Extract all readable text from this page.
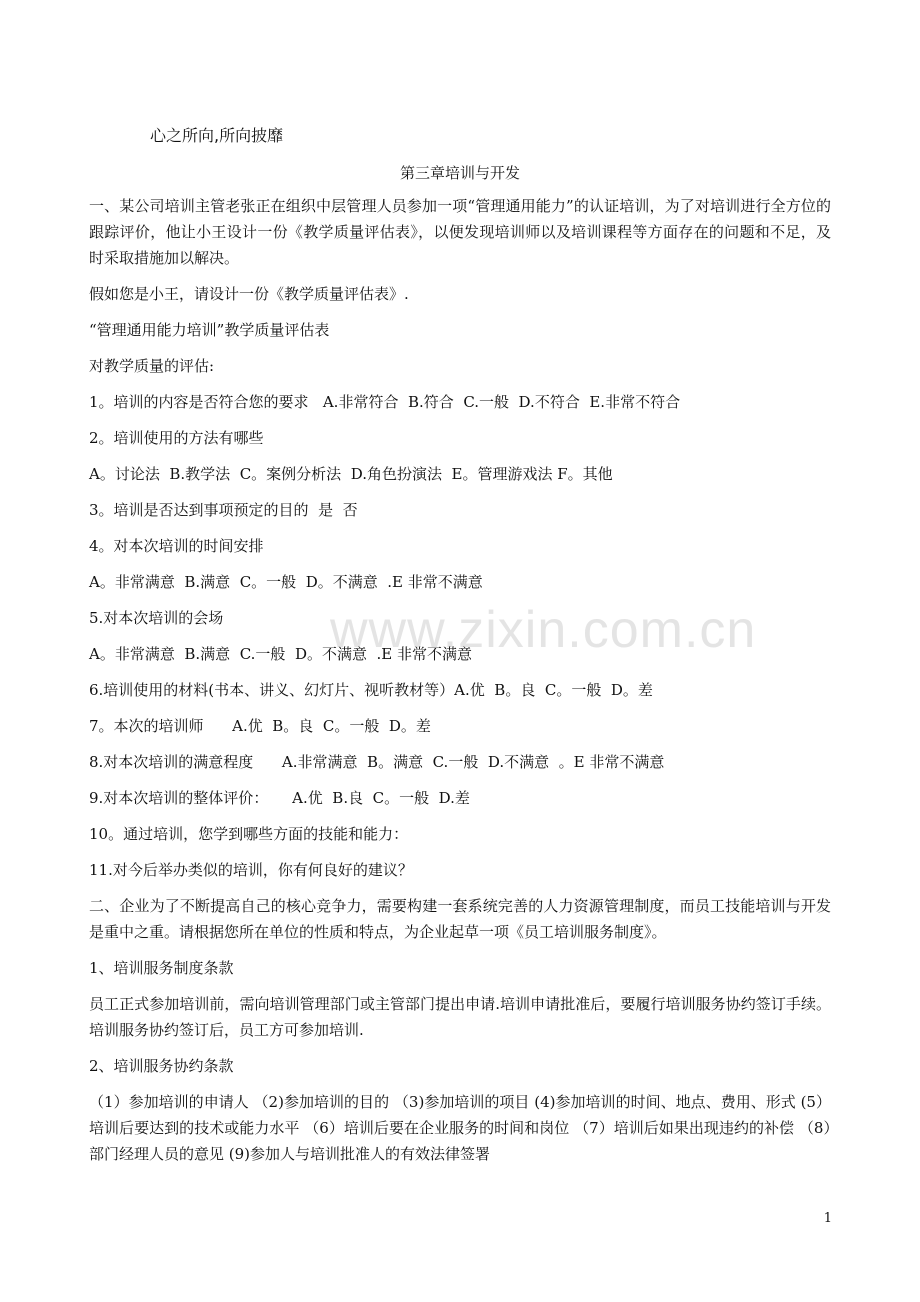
www.zixin.com.cn
心之所向,所向披靡
第三章培训与开发

一、某公司培训主管老张正在组织中层管理人员参加一项“管理通用能力”的认证培训，为了对培训进行全方位的跟踪评价，他让小王设计一份《教学质量评估表》，以便发现培训师以及培训课程等方面存在的问题和不足，及时采取措施加以解决。

假如您是小王，请设计一份《教学质量评估表》.

“管理通用能力培训”教学质量评估表

对教学质量的评估:

1。培训的内容是否符合您的要求   A.非常符合  B.符合  C.一般  D.不符合  E.非常不符合

2。培训使用的方法有哪些

A。讨论法  B.教学法  C。案例分析法  D.角色扮演法  E。管理游戏法 F。其他

3。培训是否达到事项预定的目的  是  否

4。对本次培训的时间安排

A。非常满意  B.满意  C。一般  D。不满意  .E 非常不满意

5.对本次培训的会场

A。非常满意  B.满意  C.一般  D。不满意  .E 非常不满意

6.培训使用的材料(书本、讲义、幻灯片、视听教材等）A.优  B。良  C。一般  D。差

7。本次的培训师      A.优  B。良  C。一般  D。差

8.对本次培训的满意程度      A.非常满意  B。满意  C.一般  D.不满意  。E 非常不满意

9.对本次培训的整体评价：     A.优  B.良  C。一般  D.差

10。通过培训，您学到哪些方面的技能和能力：

11.对今后举办类似的培训，你有何良好的建议？

二、企业为了不断提高自己的核心竞争力，需要构建一套系统完善的人力资源管理制度，而员工技能培训与开发是重中之重。请根据您所在单位的性质和特点，为企业起草一项《员工培训服务制度》。

1、培训服务制度条款

员工正式参加培训前，需向培训管理部门或主管部门提出申请.培训申请批准后，要履行培训服务协约签订手续。培训服务协约签订后，员工方可参加培训.

2、培训服务协约条款

（1）参加培训的申请人 （2)参加培训的目的 （3)参加培训的项目 (4)参加培训的时间、地点、费用、形式 (5）培训后要达到的技术或能力水平 （6）培训后要在企业服务的时间和岗位 （7）培训后如果出现违约的补偿 （8）部门经理人员的意见 (9)参加人与培训批准人的有效法律签署

1
